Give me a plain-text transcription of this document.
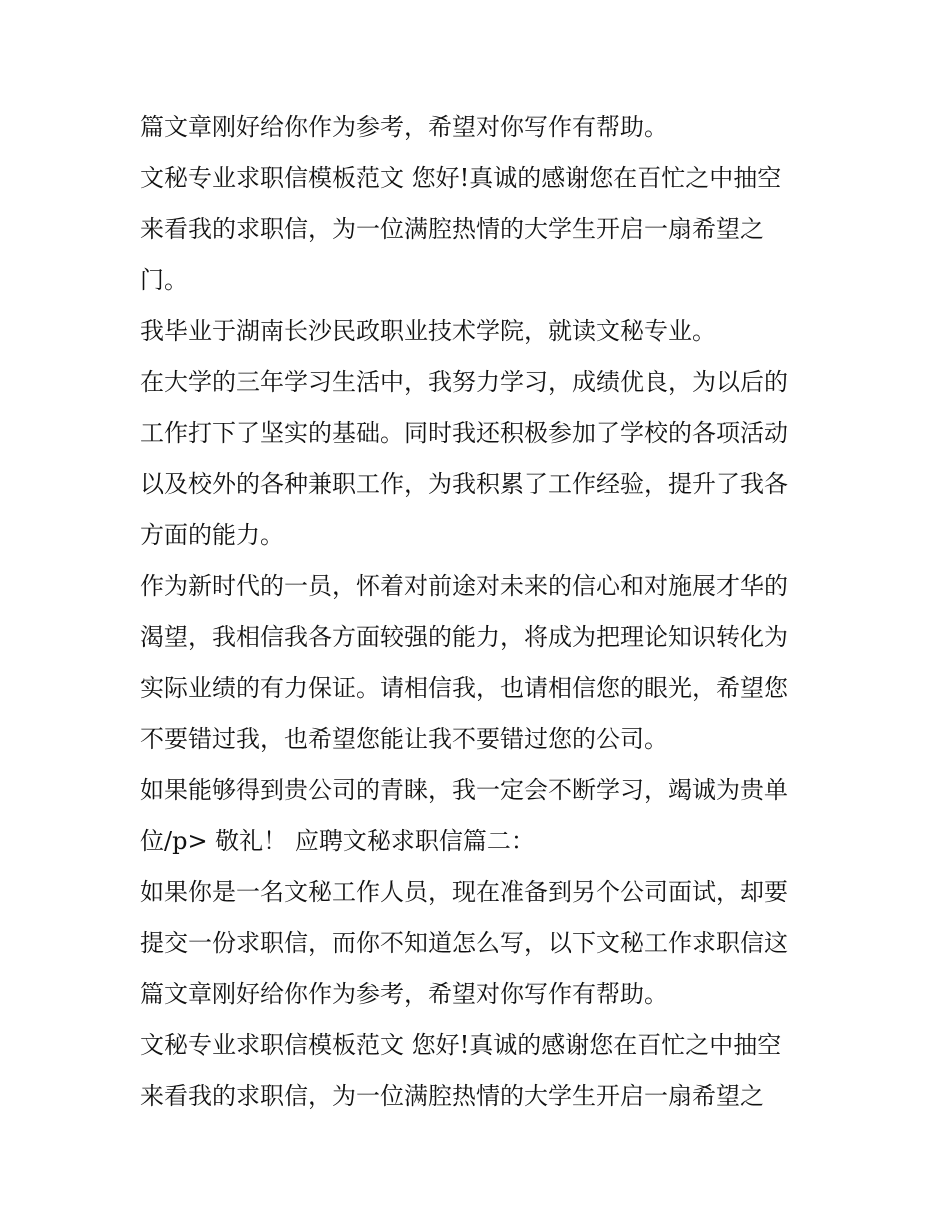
篇文章刚好给你作为参考，希望对你写作有帮助。
文秘专业求职信模板范文 您好!真诚的感谢您在百忙之中抽空
来看我的求职信，为一位满腔热情的大学生开启一扇希望之
门。
我毕业于湖南长沙民政职业技术学院，就读文秘专业。
在大学的三年学习生活中，我努力学习，成绩优良，为以后的
工作打下了坚实的基础。同时我还积极参加了学校的各项活动
以及校外的各种兼职工作，为我积累了工作经验，提升了我各
方面的能力。
作为新时代的一员，怀着对前途对未来的信心和对施展才华的
渴望，我相信我各方面较强的能力，将成为把理论知识转化为
实际业绩的有力保证。请相信我，也请相信您的眼光，希望您
不要错过我，也希望您能让我不要错过您的公司。
如果能够得到贵公司的青睐，我一定会不断学习，竭诚为贵单
位/p> 敬礼！ 应聘文秘求职信篇二：
如果你是一名文秘工作人员，现在准备到另个公司面试，却要
提交一份求职信，而你不知道怎么写，以下文秘工作求职信这
篇文章刚好给你作为参考，希望对你写作有帮助。
文秘专业求职信模板范文 您好!真诚的感谢您在百忙之中抽空
来看我的求职信，为一位满腔热情的大学生开启一扇希望之
